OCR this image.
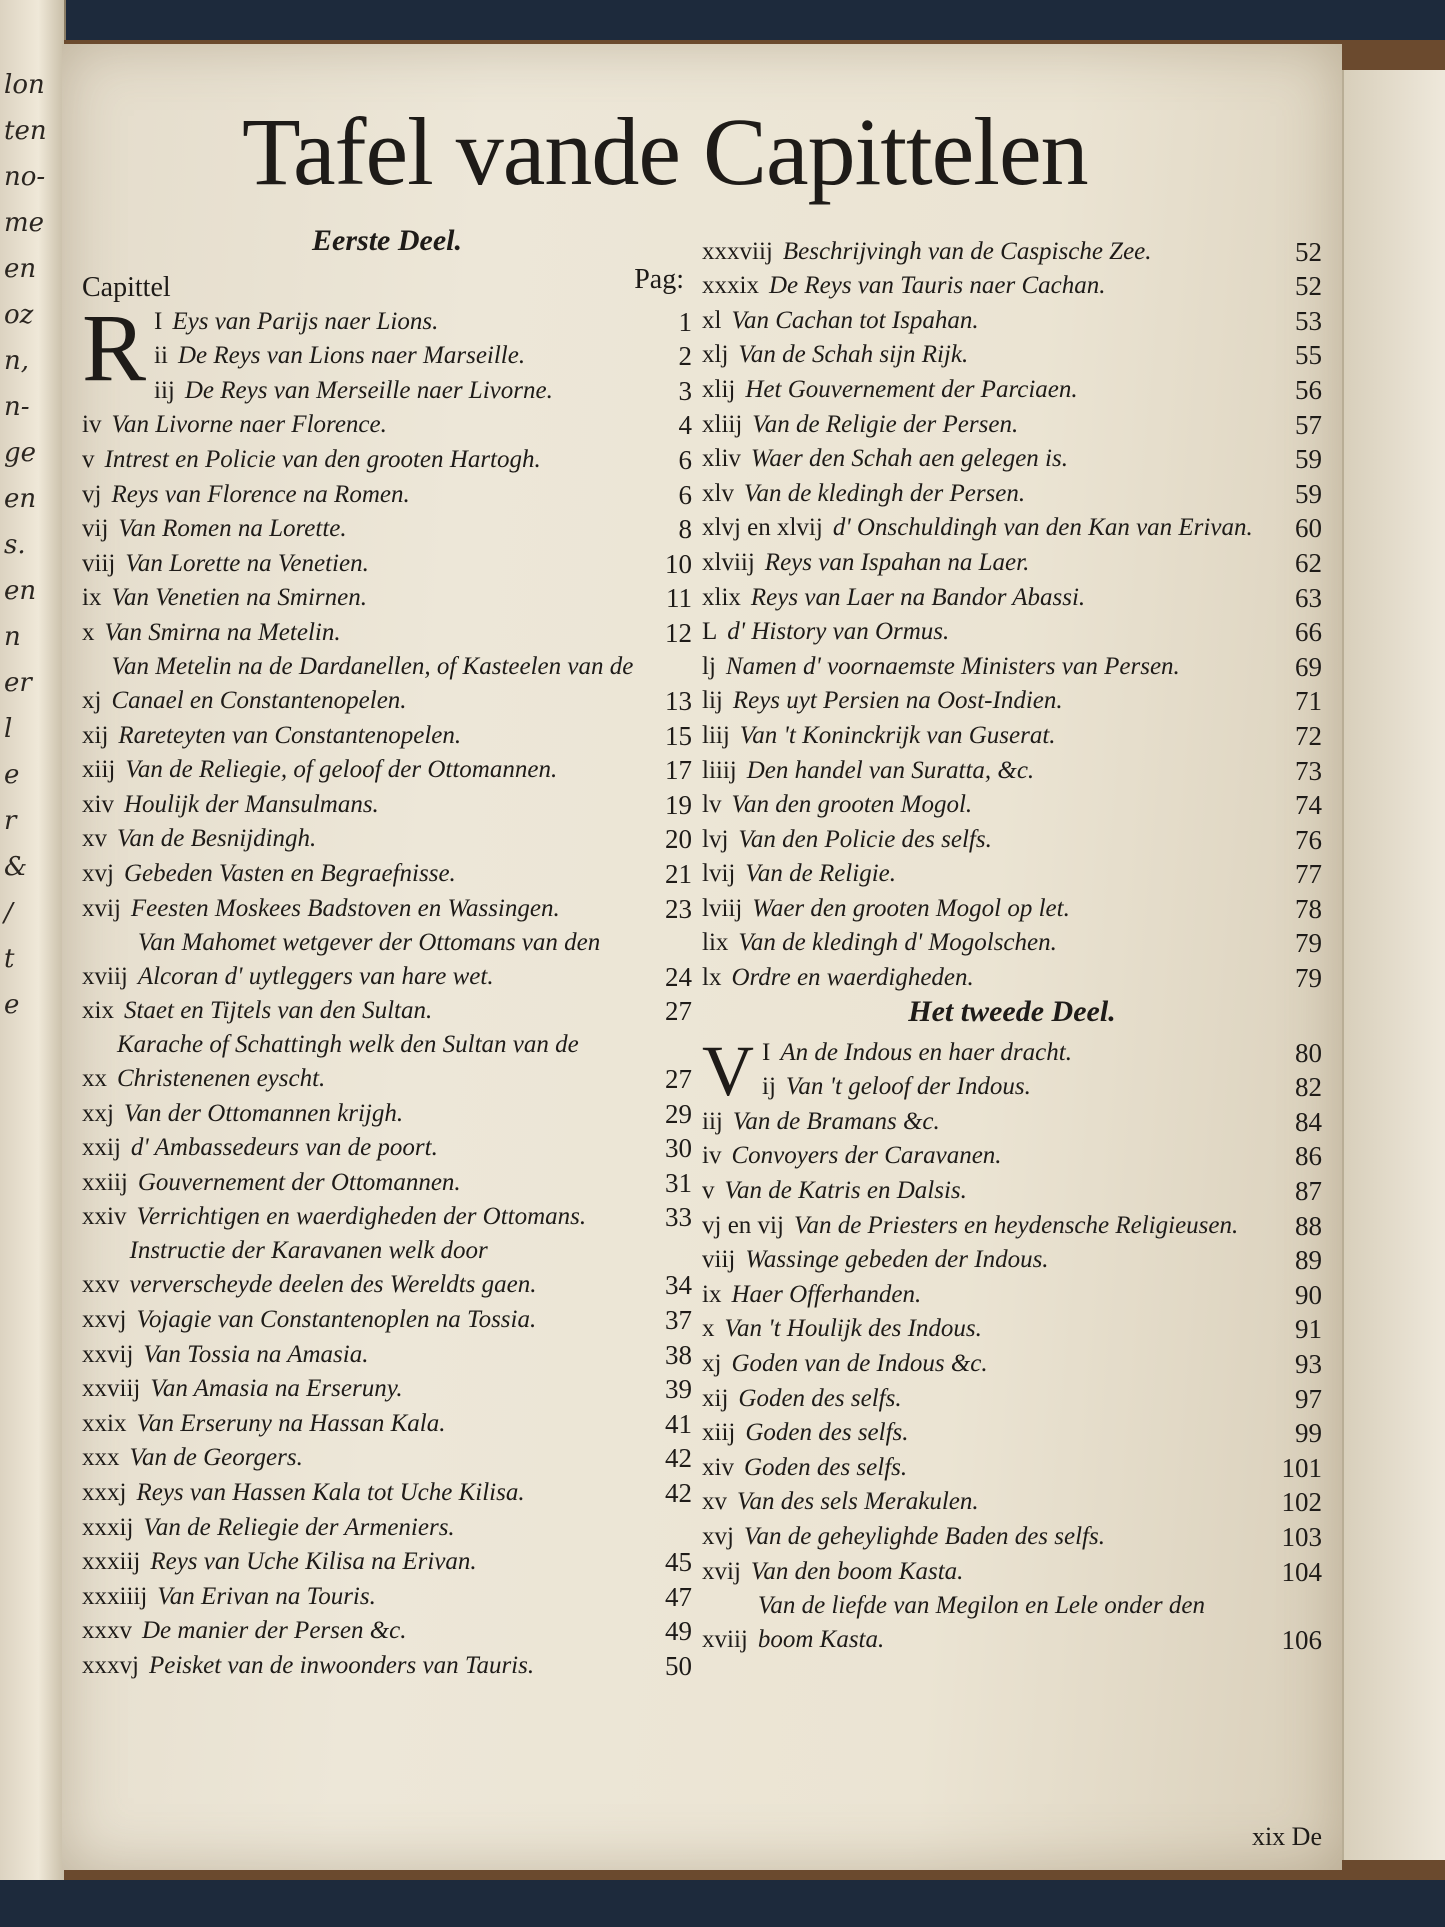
lon
ten
no-
me
en
oz
n,
n-
ge
en
s.
en
n
er
l
e
r
&
/
t
e
Tafel vande Capittelen
Eerste Deel.
Capittel	Pag:
R I Eys van Parijs naer Lions.	1
ii De Reys van Lions naer Marseille.	2
iij De Reys van Merseille naer Livorne.	3
iv Van Livorne naer Florence.	4
v Intrest en Policie van den grooten Hartogh.	6
vj Reys van Florence na Romen.	6
vij Van Romen na Lorette.	8
viij Van Lorette na Venetien.	10
ix Van Venetien na Smirnen.	11
x Van Smirna na Metelin.	12
xj
Van Metelin na de Dardanellen, of Kasteelen van de Canael en Constantenopelen.	13
xij Rareteyten van Constantenopelen.	15
xiij Van de Reliegie, of geloof der Ottomannen.	17
xiv Houlijk der Mansulmans.	19
xv Van de Besnijdingh.	20
xvj Gebeden Vasten en Begraefnisse.	21
xvij Feesten Moskees Badstoven en Wassingen.	23
xviij
Van Mahomet wetgever der Ottomans van den Alcoran d' uytleggers van hare wet.	24
xix Staet en Tijtels van den Sultan.	27
xx
Karache of Schattingh welk den Sultan van de Christenenen eyscht.	27
xxj Van der Ottomannen krijgh.	29
xxij d' Ambassedeurs van de poort.	30
xxiij Gouvernement der Ottomannen.	31
xxiv Verrichtigen en waerdigheden der Ottomans.	33
xxv
Instructie der Karavanen welk door ververscheyde deelen des Wereldts gaen.	34
xxvj Vojagie van Constantenoplen na Tossia.	37
xxvij Van Tossia na Amasia.	38
xxviij Van Amasia na Erseruny.	39
xxix Van Erseruny na Hassan Kala.	41
xxx Van de Georgers.	42
xxxj Reys van Hassen Kala tot Uche Kilisa.	42
xxxij Van de Reliegie der Armeniers.
xxxiij Reys van Uche Kilisa na Erivan.	45
xxxiiij Van Erivan na Touris.	47
xxxv De manier der Persen &c.	49
xxxvj Peisket van de inwoonders van Tauris.	50
xxxviij Beschrijvingh van de Caspische Zee.	52
xxxix De Reys van Tauris naer Cachan.	52
xl Van Cachan tot Ispahan.	53
xlj Van de Schah sijn Rijk.	55
xlij Het Gouvernement der Parciaen.	56
xliij Van de Religie der Persen.	57
xliv Waer den Schah aen gelegen is.	59
xlv Van de kledingh der Persen.	59
xlvj en xlvij d' Onschuldingh van den Kan van Erivan.	60
xlviij Reys van Ispahan na Laer.	62
xlix Reys van Laer na Bandor Abassi.	63
L d' History van Ormus.	66
lj Namen d' voornaemste Ministers van Persen.	69
lij Reys uyt Persien na Oost-Indien.	71
liij Van 't Koninckrijk van Guserat.	72
liiij Den handel van Suratta, &c.	73
lv Van den grooten Mogol.	74
lvj Van den Policie des selfs.	76
lvij Van de Religie.	77
lviij Waer den grooten Mogol op let.	78
lix Van de kledingh d' Mogolschen.	79
lx Ordre en waerdigheden.	79
Het tweede Deel.
V I An de Indous en haer dracht.	80
ij Van 't geloof der Indous.	82
iij Van de Bramans &c.	84
iv Convoyers der Caravanen.	86
v Van de Katris en Dalsis.	87
vj en vij Van de Priesters en heydensche Religieusen.	88
viij Wassinge gebeden der Indous.	89
ix Haer Offerhanden.	90
x Van 't Houlijk des Indous.	91
xj Goden van de Indous &c.	93
xij Goden des selfs.	97
xiij Goden des selfs.	99
xiv Goden des selfs.	101
xv Van des sels Merakulen.	102
xvj Van de geheylighde Baden des selfs.	103
xvij Van den boom Kasta.	104
xviij
Van de liefde van Megilon en Lele onder den boom Kasta.	106
xix De
